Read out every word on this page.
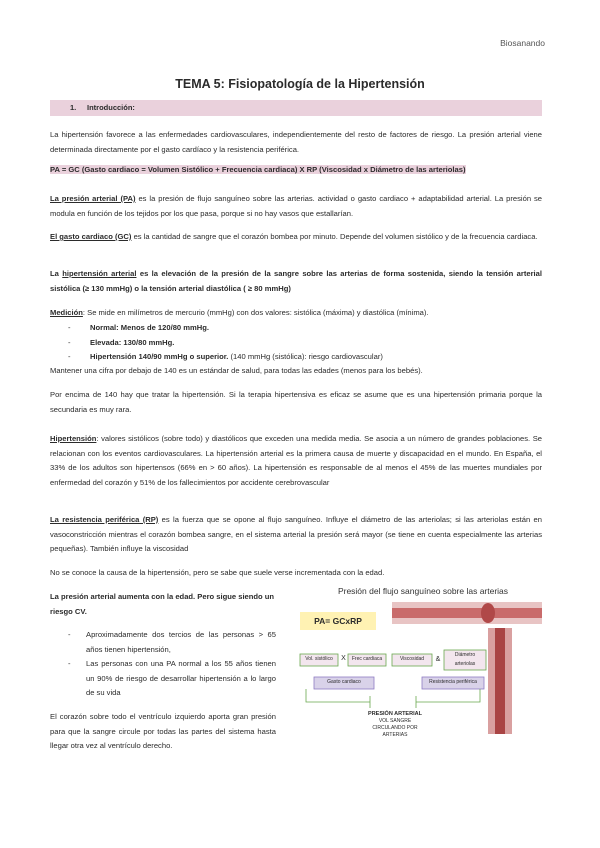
Biosanando
TEMA 5: Fisiopatología de la Hipertensión
1. Introducción:

La hipertensión favorece a las enfermedades cardiovasculares, independientemente del resto de factores de riesgo. La presión arterial viene determinada directamente por el gasto cardíaco y la resistencia periférica.

PA = GC (Gasto cardiaco = Volumen Sistólico + Frecuencia cardiaca) X RP (Viscosidad x Diámetro de las arteriolas)

La presión arterial (PA) es la presión de flujo sanguíneo sobre las arterias. actividad o gasto cardiaco + adaptabilidad arterial. La presión se modula en función de los tejidos por los que pasa, porque si no hay vasos que estallarían.

El gasto cardiaco (GC) es la cantidad de sangre que el corazón bombea por minuto. Depende del volumen sistólico y de la frecuencia cardiaca.

La hipertensión arterial es la elevación de la presión de la sangre sobre las arterias de forma sostenida, siendo la tensión arterial sistólica (≥ 130 mmHg) o la tensión arterial diastólica ( ≥ 80 mmHg)

Medición: Se mide en milímetros de mercurio (mmHg) con dos valores: sistólica (máxima) y diastólica (mínima).

- Normal: Menos de 120/80 mmHg.
- Elevada: 130/80 mmHg.
- Hipertensión 140/90 mmHg o superior. (140 mmHg (sistólica): riesgo cardiovascular)

Mantener una cifra por debajo de 140 es un estándar de salud, para todas las edades (menos para los bebés).

Por encima de 140 hay que tratar la hipertensión. Si la terapia hipertensiva es eficaz se asume que es una hipertensión primaria porque la secundaria es muy rara.

Hipertensión: valores sistólicos (sobre todo) y diastólicos que exceden una medida media. Se asocia a un número de grandes poblaciones. Se relacionan con los eventos cardiovasculares. La hipertensión arterial es la primera causa de muerte y discapacidad en el mundo. En España, el 33% de los adultos son hipertensos (66% en > 60 años). La hipertensión es responsable de al menos el 45% de las muertes mundiales por enfermedad del corazón y 51% de los fallecimientos por accidente cerebrovascular

La resistencia periférica (RP) es la fuerza que se opone al flujo sanguíneo. Influye el diámetro de las arteriolas; si las arteriolas están en vasoconstricción mientras el corazón bombea sangre, en el sistema arterial la presión será mayor (se tiene en cuenta especialmente las arterias pequeñas). También influye la viscosidad

No se conoce la causa de la hipertensión, pero se sabe que suele verse incrementada con la edad.

La presión arterial aumenta con la edad. Pero sigue siendo un riesgo CV.

- Aproximadamente dos tercios de las personas > 65 años tienen hipertensión,
- Las personas con una PA normal a los 55 años tienen un 90% de riesgo de desarrollar hipertensión a lo largo de su vida

El corazón sobre todo el ventrículo izquierdo aporta gran presión para que la sangre circule por todas las partes del sistema hasta llegar otra vez al ventrículo derecho.

Presión del flujo sanguíneo sobre las arterias
PA= GCxRP
Vol. sistólico	X	Frec cardiaca
Gasto cardiaco
Viscosidad	&
Diámetro arteriolas
Resistencia periférica
PRESIÓN ARTERIAL
VOL SANGRE
CIRCULANDO POR
ARTERIAS
